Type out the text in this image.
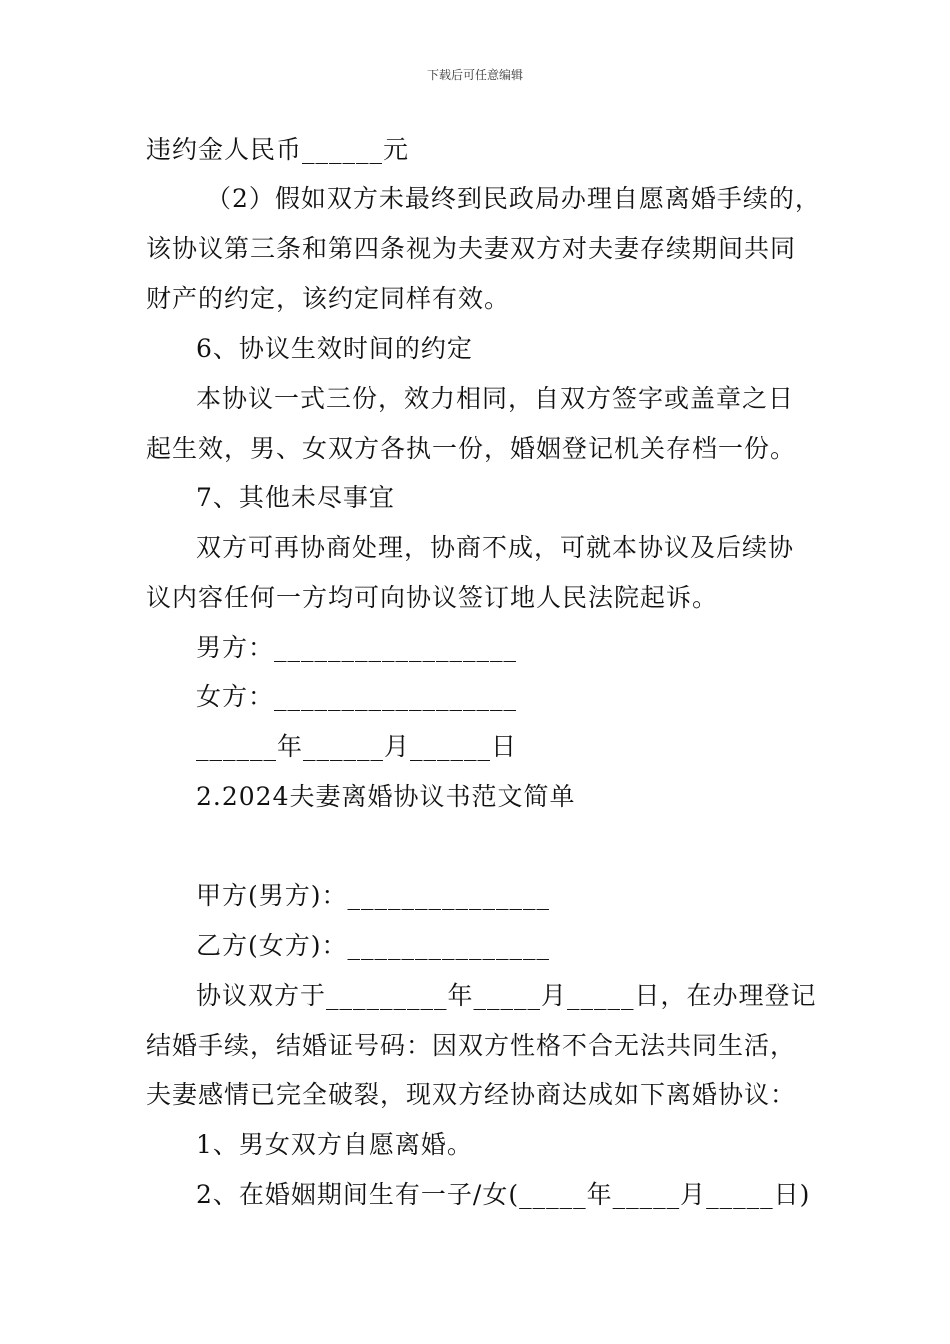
下载后可任意编辑
违约金人民币______元
（2）假如双方未最终到民政局办理自愿离婚手续的，
该协议第三条和第四条视为夫妻双方对夫妻存续期间共同
财产的约定，该约定同样有效。
6、协议生效时间的约定
本协议一式三份，效力相同，自双方签字或盖章之日
起生效，男、女双方各执一份，婚姻登记机关存档一份。
7、其他未尽事宜
双方可再协商处理，协商不成，可就本协议及后续协
议内容任何一方均可向协议签订地人民法院起诉。
男方：__________________
女方：__________________
______年______月______日
2.2024夫妻离婚协议书范文简单
甲方(男方)：_______________
乙方(女方)：_______________
协议双方于_________年_____月_____日，在办理登记
结婚手续，结婚证号码：因双方性格不合无法共同生活，
夫妻感情已完全破裂，现双方经协商达成如下离婚协议：
1、男女双方自愿离婚。
2、在婚姻期间生有一子/女(_____年_____月_____日)
